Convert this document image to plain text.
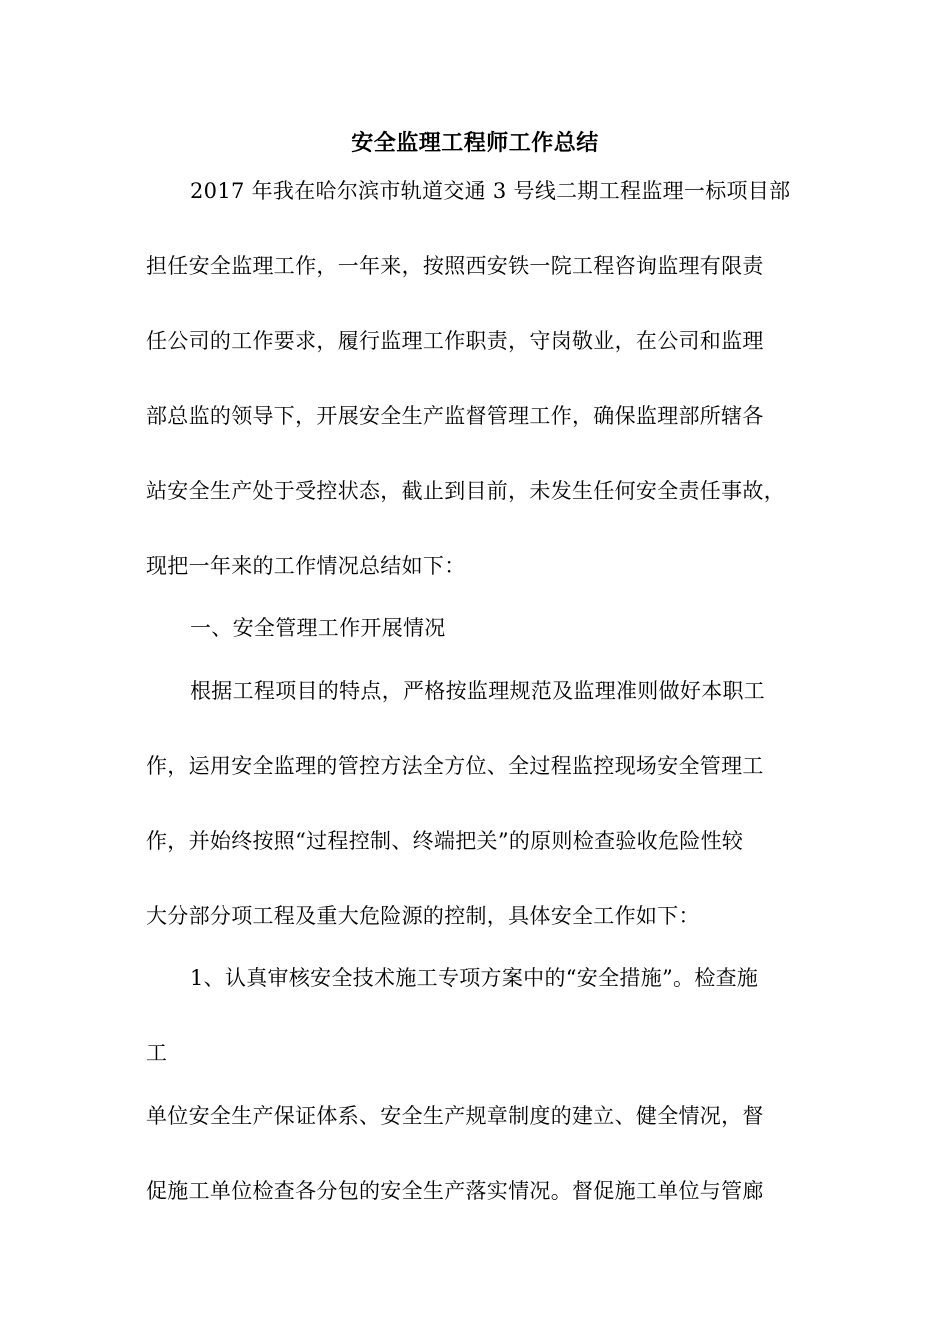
安全监理工程师工作总结
2017 年我在哈尔滨市轨道交通 3 号线二期工程监理一标项目部
担任安全监理工作，一年来，按照西安铁一院工程咨询监理有限责
任公司的工作要求，履行监理工作职责，守岗敬业，在公司和监理
部总监的领导下，开展安全生产监督管理工作，确保监理部所辖各
站安全生产处于受控状态，截止到目前，未发生任何安全责任事故，
现把一年来的工作情况总结如下：
一、安全管理工作开展情况
根据工程项目的特点，严格按监理规范及监理准则做好本职工
作，运用安全监理的管控方法全方位、全过程监控现场安全管理工
作，并始终按照“过程控制、终端把关”的原则检查验收危险性较
大分部分项工程及重大危险源的控制，具体安全工作如下：
1、认真审核安全技术施工专项方案中的“安全措施”。检查施
工
单位安全生产保证体系、安全生产规章制度的建立、健全情况，督
促施工单位检查各分包的安全生产落实情况。督促施工单位与管廊
